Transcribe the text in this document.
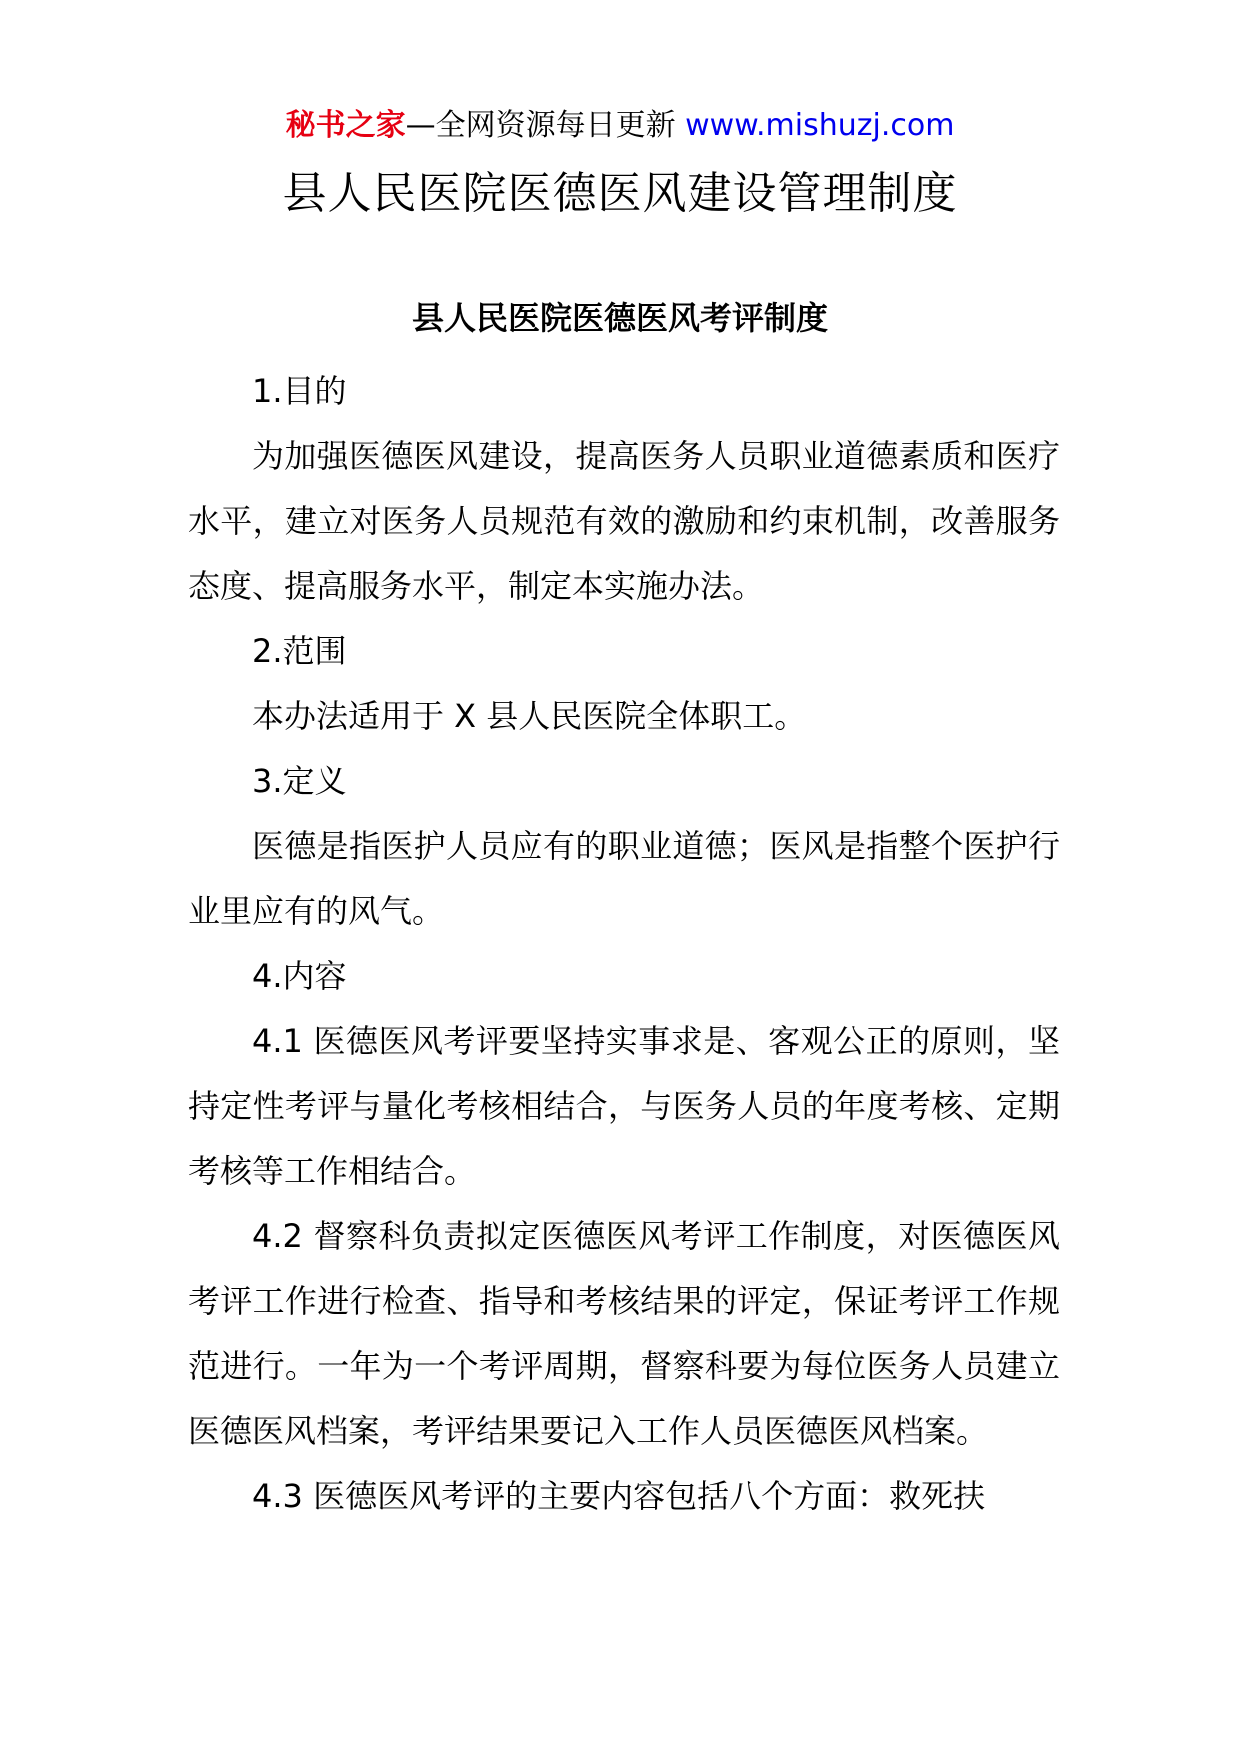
秘书之家—全网资源每日更新 www.mishuzj.com
县人民医院医德医风建设管理制度
县人民医院医德医风考评制度

1.目的

为加强医德医风建设，提高医务人员职业道德素质和医疗水平，建立对医务人员规范有效的激励和约束机制，改善服务态度、提高服务水平，制定本实施办法。

2.范围

本办法适用于 X 县人民医院全体职工。

3.定义

医德是指医护人员应有的职业道德；医风是指整个医护行业里应有的风气。

4.内容

4.1 医德医风考评要坚持实事求是、客观公正的原则，坚持定性考评与量化考核相结合，与医务人员的年度考核、定期考核等工作相结合。

4.2 督察科负责拟定医德医风考评工作制度，对医德医风考评工作进行检查、指导和考核结果的评定，保证考评工作规范进行。一年为一个考评周期，督察科要为每位医务人员建立医德医风档案，考评结果要记入工作人员医德医风档案。

4.3 医德医风考评的主要内容包括八个方面：救死扶
